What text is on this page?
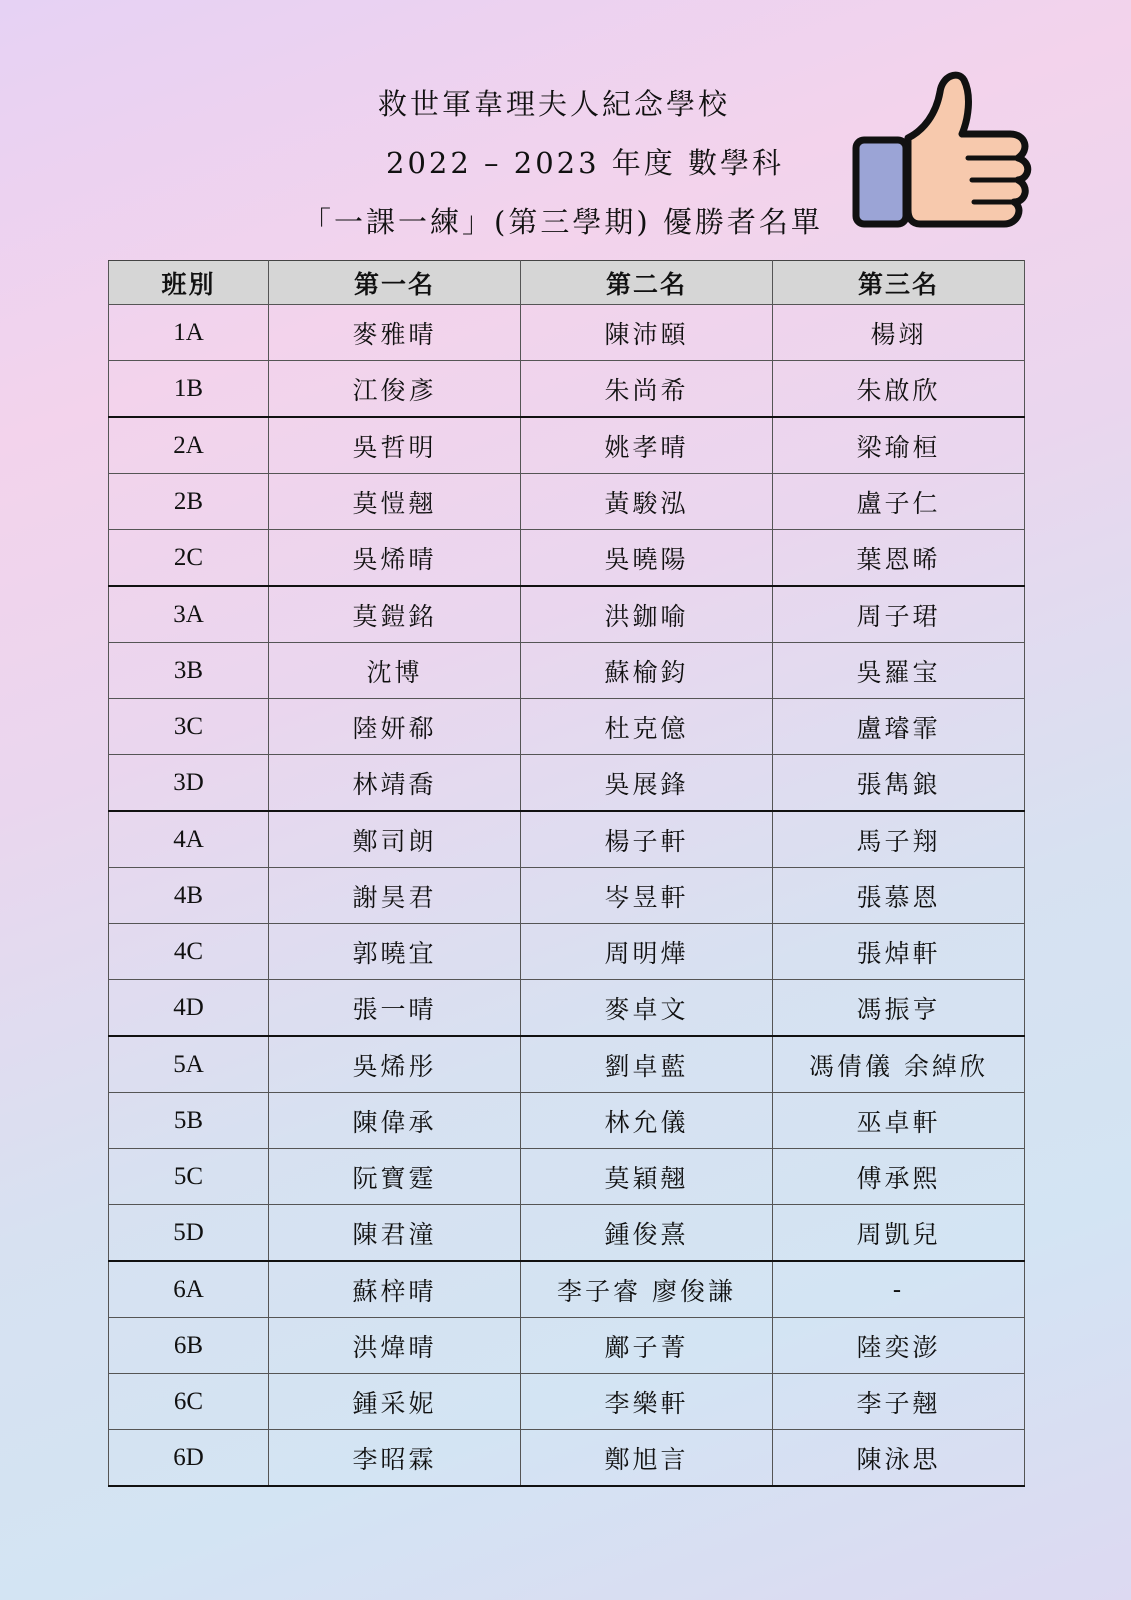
救世軍韋理夫人紀念學校
2022 – 2023 年度 數學科
「一課一練」(第三學期) 優勝者名單
班別	第一名	第二名	第三名
1A	麥雅晴	陳沛頤	楊翊
1B	江俊彥	朱尚希	朱啟欣
2A	吳哲明	姚孝晴	梁瑜桓
2B	莫愷翹	黃駿泓	盧子仁
2C	吳烯晴	吳曉陽	葉恩晞
3A	莫鎧銘	洪鉫喻	周子珺
3B	沈博	蘇榆鈞	吳羅宝
3C	陸妍郗	杜克億	盧璿霏
3D	林靖喬	吳展鋒	張雋鋃
4A	鄭司朗	楊子軒	馬子翔
4B	謝昊君	岑昱軒	張慕恩
4C	郭曉宜	周明燁	張焯軒
4D	張一晴	麥卓文	馮振亨
5A	吳烯彤	劉卓藍	馮倩儀 余綽欣
5B	陳偉承	林允儀	巫卓軒
5C	阮寶霆	莫穎翹	傅承熙
5D	陳君潼	鍾俊熹	周凱兒
6A	蘇梓晴	李子睿 廖俊謙	-
6B	洪煒晴	鄺子菁	陸奕澎
6C	鍾采妮	李樂軒	李子翹
6D	李昭霖	鄭旭言	陳泳思
